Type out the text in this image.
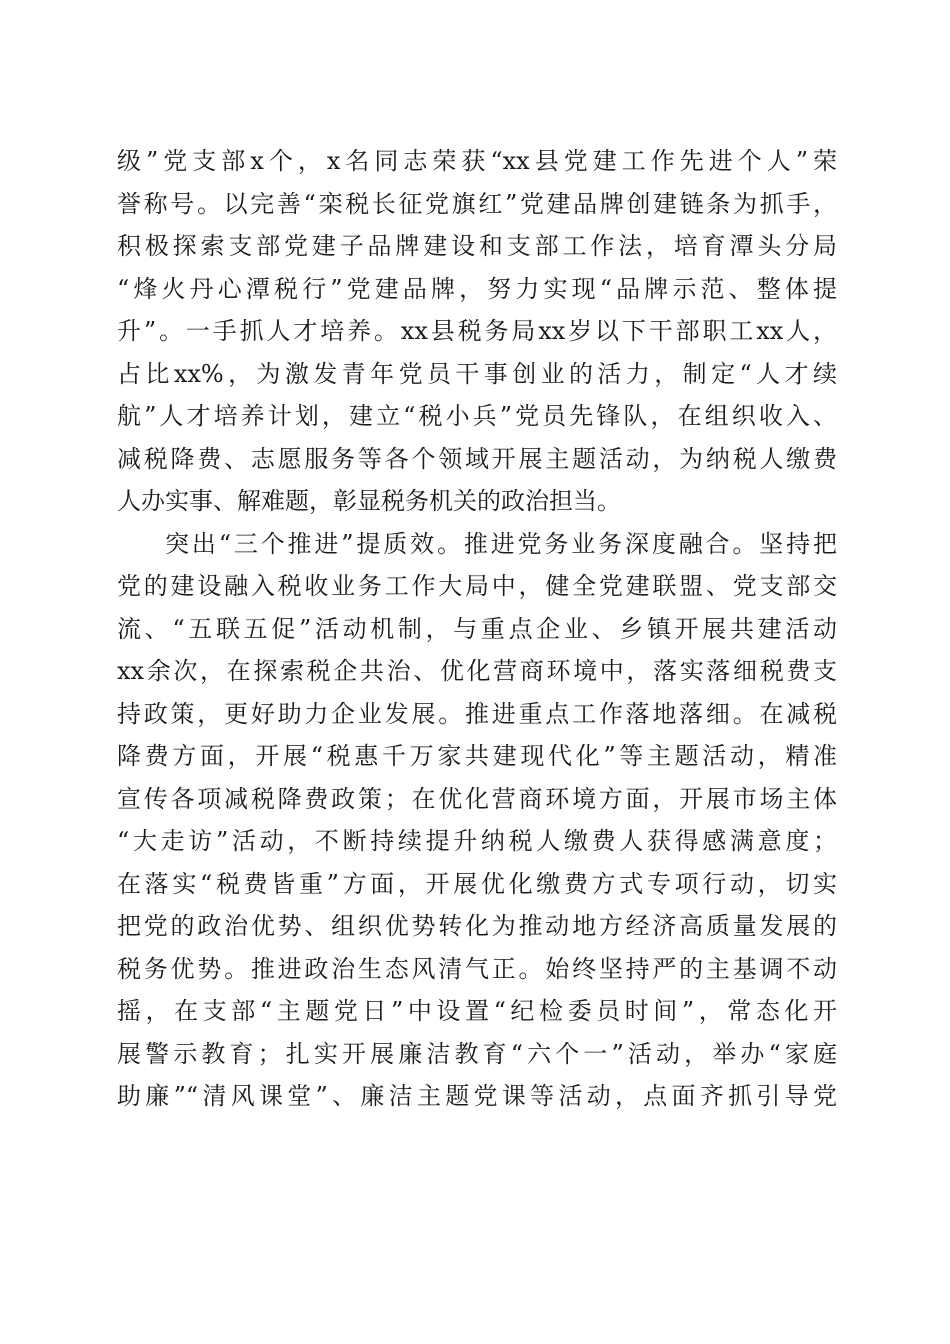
级”党支部x个，x名同志荣获“xx县党建工作先进个人”荣
誉称号。以完善“栾税长征党旗红”党建品牌创建链条为抓手，
积极探索支部党建子品牌建设和支部工作法，培育潭头分局
“烽火丹心潭税行”党建品牌，努力实现“品牌示范、整体提
升”。一手抓人才培养。xx县税务局xx岁以下干部职工xx人，
占比xx%，为激发青年党员干事创业的活力，制定“人才续
航”人才培养计划，建立“税小兵”党员先锋队，在组织收入、
减税降费、志愿服务等各个领域开展主题活动，为纳税人缴费
人办实事、解难题，彰显税务机关的政治担当。
突出“三个推进”提质效。推进党务业务深度融合。坚持把
党的建设融入税收业务工作大局中，健全党建联盟、党支部交
流、“五联五促”活动机制，与重点企业、乡镇开展共建活动
xx余次，在探索税企共治、优化营商环境中，落实落细税费支
持政策，更好助力企业发展。推进重点工作落地落细。在减税
降费方面，开展“税惠千万家共建现代化”等主题活动，精准
宣传各项减税降费政策；在优化营商环境方面，开展市场主体
“大走访”活动，不断持续提升纳税人缴费人获得感满意度；
在落实“税费皆重”方面，开展优化缴费方式专项行动，切实
把党的政治优势、组织优势转化为推动地方经济高质量发展的
税务优势。推进政治生态风清气正。始终坚持严的主基调不动
摇，在支部“主题党日”中设置“纪检委员时间”，常态化开
展警示教育；扎实开展廉洁教育“六个一”活动，举办“家庭
助廉”“清风课堂”、廉洁主题党课等活动，点面齐抓引导党
